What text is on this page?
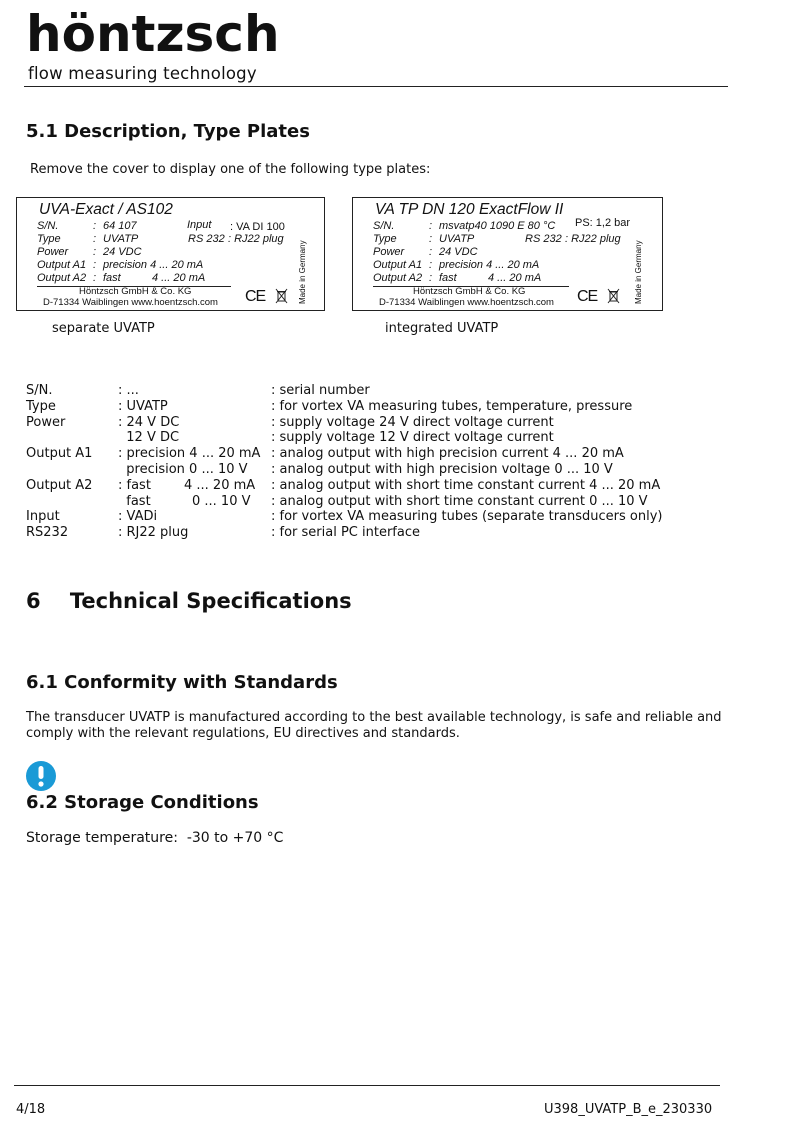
höntzsch
flow measuring technology
5.1 Description, Type Plates
Remove the cover to display one of the following type plates:
UVA-Exact / AS102
S/N.	: 64 107	Input : VA DI 100
Type	: UVATP	RS 232 : RJ22 plug
Power : 24 VDC
Output A1 : precision 4 ... 20 mA
Output A2 : fast	4 ... 20 mA
Höntzsch GmbH & Co. KG
D-71334 Waiblingen www.hoentzsch.com CE	Made in Germany
separate UVATP
VA TP DN 120 ExactFlow II
S/N.	: msvatp40 1090 E 80 °C PS: 1,2 bar
Type	: UVATP	RS 232 : RJ22 plug
Power : 24 VDC
Output A1 : precision 4 ... 20 mA
Output A2 : fast	4 ... 20 mA
Höntzsch GmbH & Co. KG
D-71334 Waiblingen www.hoentzsch.com CE	Made in Germany
integrated UVATP
S/N.	: ...	: serial number
Type	: UVATP	: for vortex VA measuring tubes, temperature, pressure
Power	: 24 V DC	: supply voltage 24 V direct voltage current
12 V DC	: supply voltage 12 V direct voltage current
Output A1 : precision 4 ... 20 mA : analog output with high precision current 4 ... 20 mA
precision 0 ... 10 V : analog output with high precision voltage 0 ... 10 V
Output A2 : fast        4 ... 20 mA : analog output with short time constant current 4 ... 20 mA
fast          0 ... 10 V : analog output with short time constant current 0 ... 10 V
Input	: VADi	: for vortex VA measuring tubes (separate transducers only)
RS232	: RJ22 plug	: for serial PC interface
6    Technical Specifications
6.1 Conformity with Standards
The transducer UVATP is manufactured according to the best available technology, is safe and reliable and
comply with the relevant regulations, EU directives and standards.
6.2 Storage Conditions
Storage temperature:  -30 to +70 °C
4/18	U398_UVATP_B_e_230330
